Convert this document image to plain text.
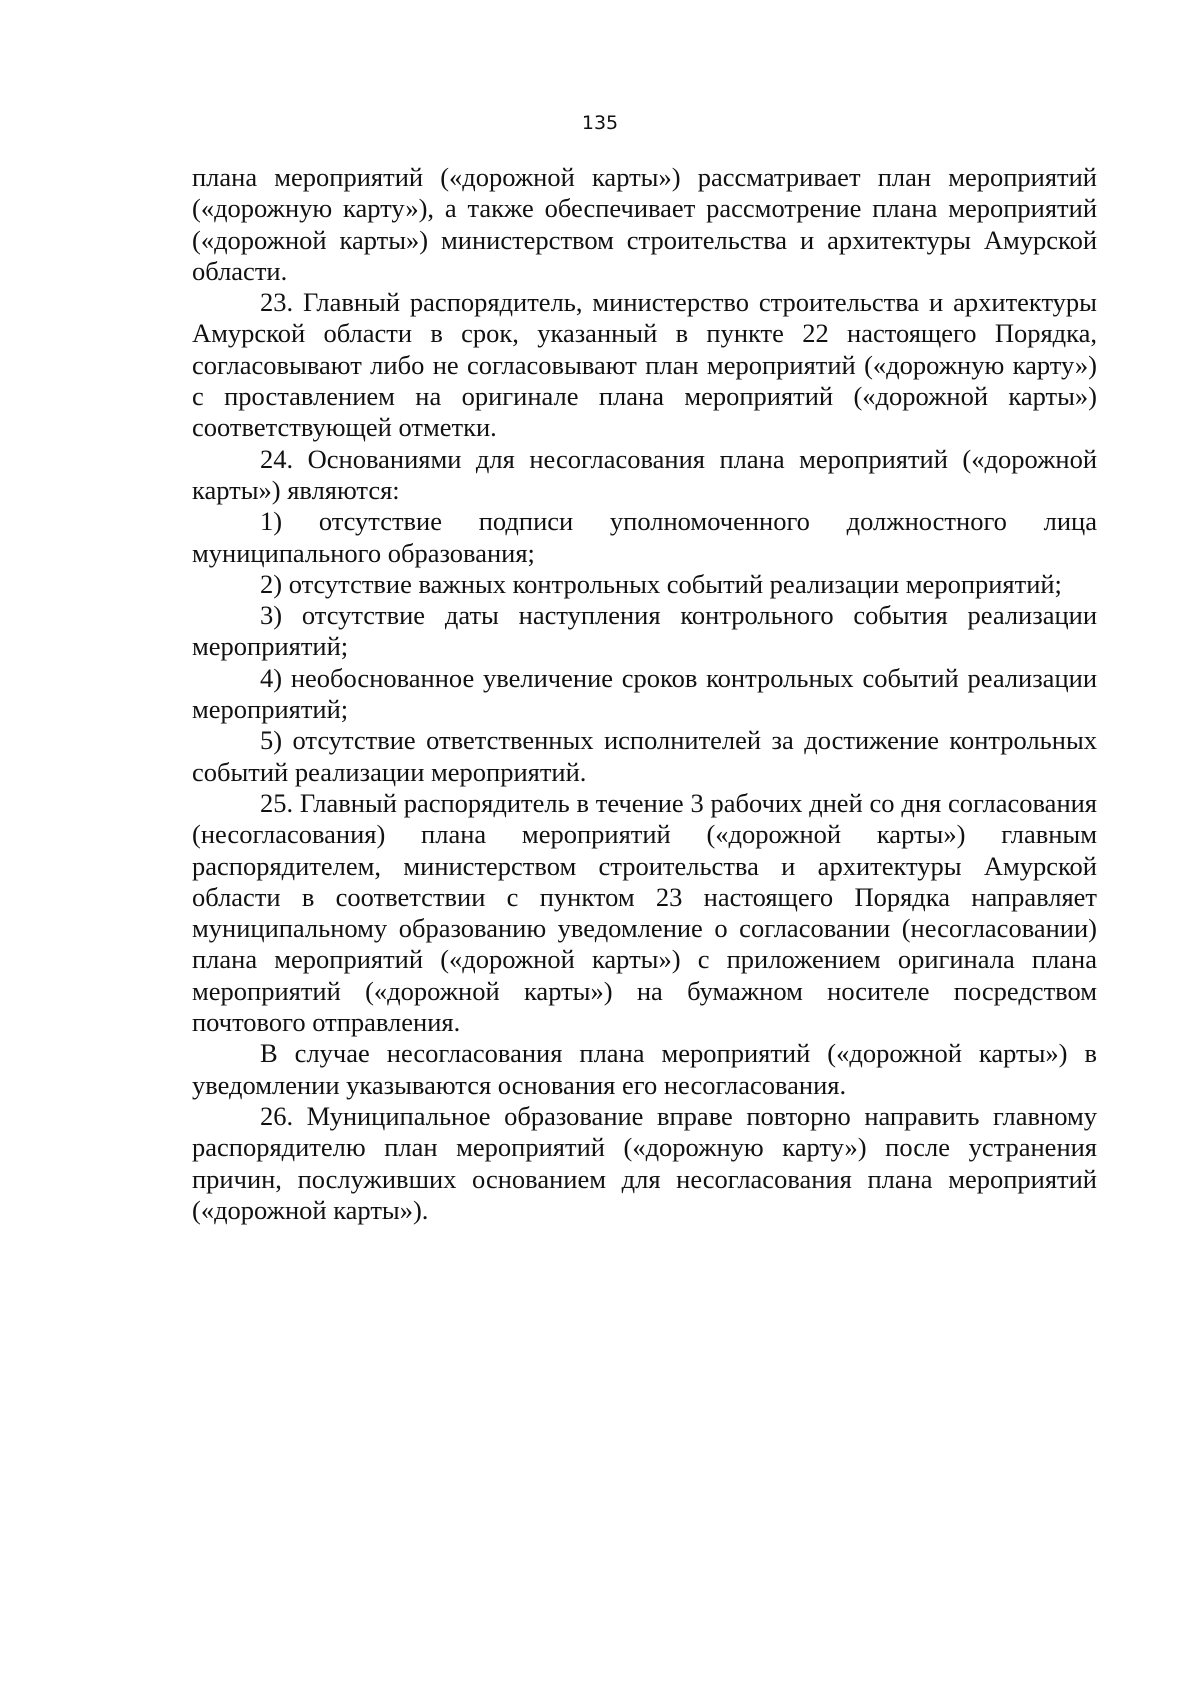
135

плана мероприятий («дорожной карты») рассматривает план мероприятий («дорожную карту»), а также обеспечивает рассмотрение плана мероприятий («дорожной карты») министерством строительства и архитектуры Амурской области.

23. Главный распорядитель, министерство строительства и архитектуры Амурской области в срок, указанный в пункте 22 настоящего Порядка, согласовывают либо не согласовывают план мероприятий («дорожную карту») с проставлением на оригинале плана мероприятий («дорожной карты») соответствующей отметки.

24. Основаниями для несогласования плана мероприятий («дорожной карты») являются:

1) отсутствие подписи уполномоченного должностного лица муниципального образования;

2) отсутствие важных контрольных событий реализации мероприятий;

3) отсутствие даты наступления контрольного события реализации мероприятий;

4) необоснованное увеличение сроков контрольных событий реализации мероприятий;

5) отсутствие ответственных исполнителей за достижение контрольных событий реализации мероприятий.

25. Главный распорядитель в течение 3 рабочих дней со дня согласования (несогласования) плана мероприятий («дорожной карты») главным распорядителем, министерством строительства и архитектуры Амурской области в соответствии с пунктом 23 настоящего Порядка направляет муниципальному образованию уведомление о согласовании (несогласовании) плана мероприятий («дорожной карты») с приложением оригинала плана мероприятий («дорожной карты») на бумажном носителе посредством почтового отправления.

В случае несогласования плана мероприятий («дорожной карты») в уведомлении указываются основания его несогласования.

26. Муниципальное образование вправе повторно направить главному распорядителю план мероприятий («дорожную карту») после устранения причин, послуживших основанием для несогласования плана мероприятий («дорожной карты»).
